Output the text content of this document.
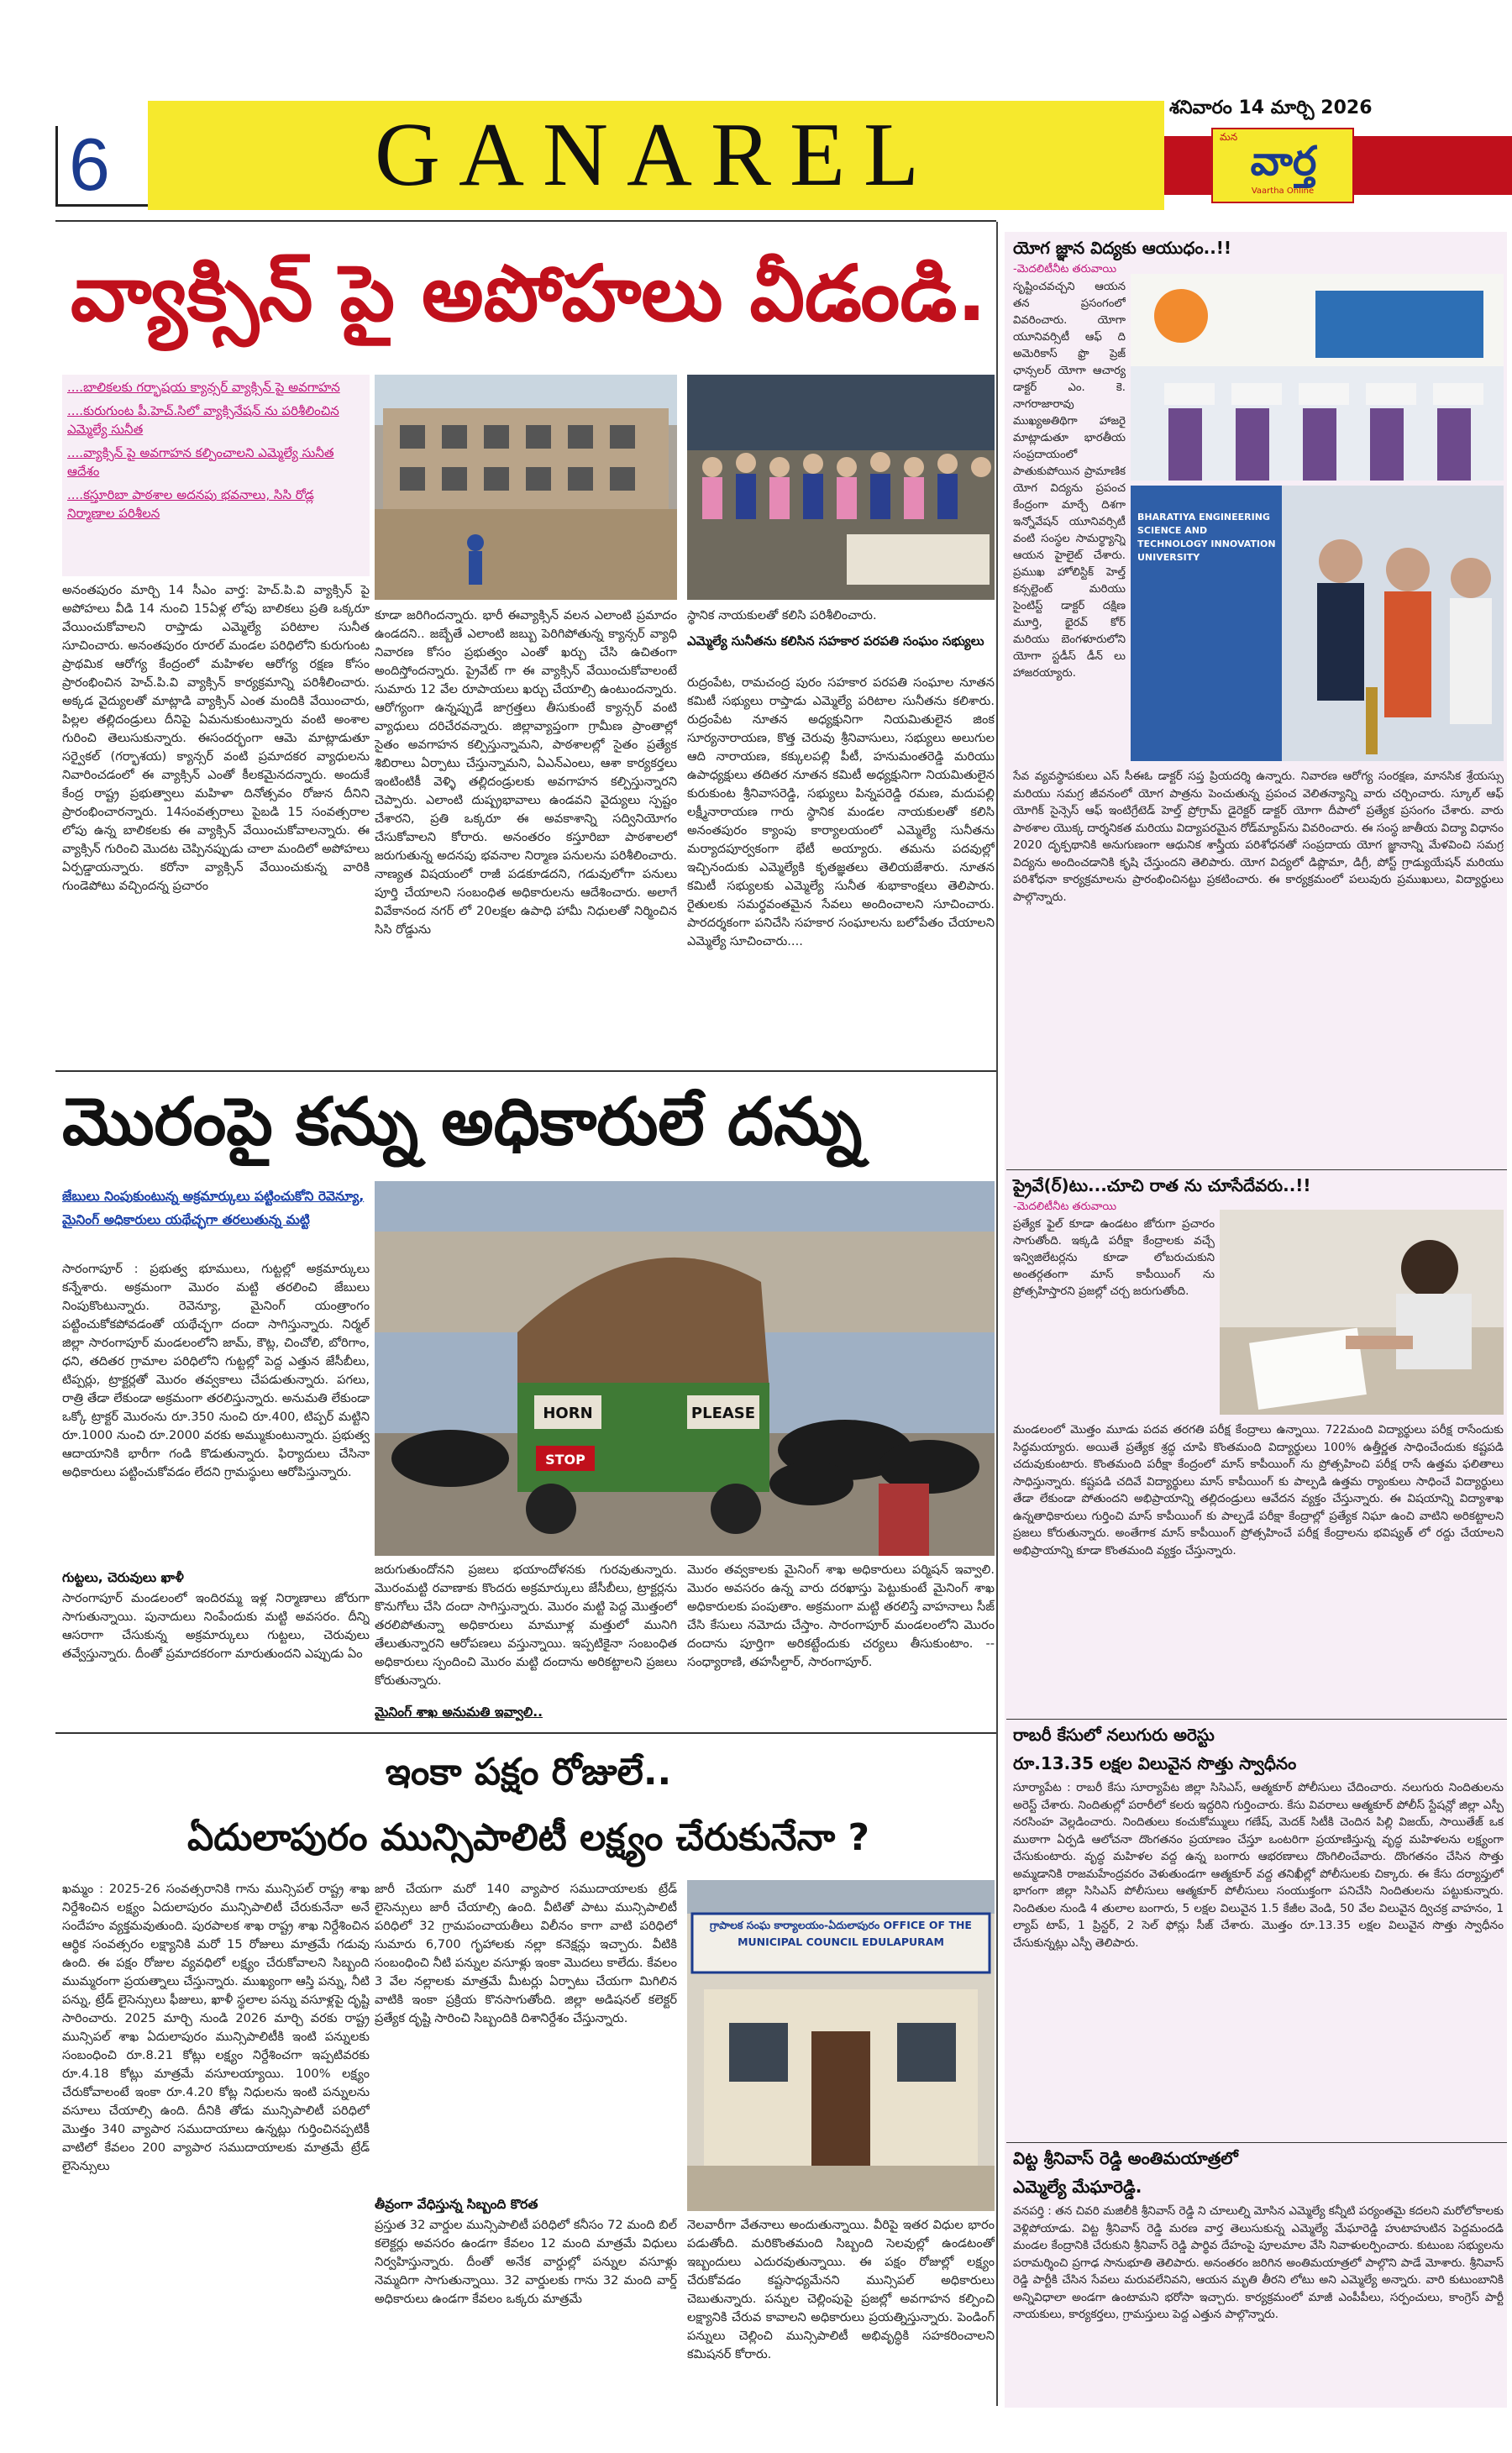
6	GANAREL	శనివారం 14 మార్చి 2026
మన
వార్త
Vaartha Online
వ్యాక్సిన్ పై అపోహలు వీడండి.
....బాలికలకు గర్భాషయ క్యాన్సర్ వ్యాక్సిన్ పై అవగాహన
....కురుగుంట పీ.హెచ్.సిలో వ్యాక్సినేషన్ ను పరిశీలించిన ఎమ్మెల్యే సునీత
....వ్యాక్సిన్ పై అవగాహన కల్పించాలని ఎమ్మెల్యే సునీత ఆదేశం
....కస్తూరిబా పాఠశాల అదనపు భవనాలు, సిసి రోడ్ల నిర్మాణాల పరిశీలన
అనంతపురం మార్చి 14 సీఎం వార్త: హెచ్.పి.వి వ్యాక్సిన్ పై అపోహలు వీడి 14 నుంచి 15ఏళ్ల లోపు బాలికలు ప్రతి ఒక్కరూ వేయించుకోవాలని రాప్తాడు ఎమ్మెల్యే పరిటాల సునీత సూచించారు. అనంతపురం రూరల్ మండల పరిధిలోని కురుగుంట ప్రాథమిక ఆరోగ్య కేంద్రంలో మహిళల ఆరోగ్య రక్షణ కోసం ప్రారంభించిన హెచ్.పి.వి వ్యాక్సిన్ కార్యక్రమాన్ని పరిశీలించారు. అక్కడ వైద్యులతో మాట్లాడి వ్యాక్సిన్ ఎంత మందికి వేయించారు, పిల్లల తల్లిదండ్రులు దీనిపై ఏమనుకుంటున్నారు వంటి అంశాల గురించి తెలుసుకున్నారు. ఈసందర్భంగా ఆమె మాట్లాడుతూ సర్వైకల్ (గర్భాశయ) క్యాన్సర్ వంటి ప్రమాదకర వ్యాధులను నివారించడంలో ఈ వ్యాక్సిన్ ఎంతో కీలకమైనదన్నారు. అందుకే కేంద్ర రాష్ట్ర ప్రభుత్వాలు మహిళా దినోత్సవం రోజున దీనిని ప్రారంభించారన్నారు. 14సంవత్సరాలు పైబడి 15 సంవత్సరాల లోపు ఉన్న బాలికలకు ఈ వ్యాక్సిన్ వేయించుకోవాలన్నారు. ఈ వ్యాక్సిన్ గురించి మొదట చెప్పినప్పుడు చాలా మందిలో అపోహలు ఏర్పడ్డాయన్నారు. కరోనా వ్యాక్సిన్ వేయించుకున్న వారికి గుండెపోటు వచ్చిందన్న ప్రచారం
కూడా జరిగిందన్నారు. భారీ ఈవ్యాక్సిన్ వలన ఎలాంటి ప్రమాదం ఉండదని.. జబ్బేతే ఎలాంటి జబ్బు పెరిగిపోతున్న క్యాన్సర్ వ్యాధి నివారణ కోసం ప్రభుత్వం ఎంతో ఖర్చు చేసి ఉచితంగా అందిస్తోందన్నారు. ప్రైవేట్ గా ఈ వ్యాక్సిన్ వేయించుకోవాలంటే సుమారు 12 వేల రూపాయలు ఖర్చు చేయాల్సి ఉంటుందన్నారు. ఆరోగ్యంగా ఉన్నప్పుడే జాగ్రత్తలు తీసుకుంటే క్యాన్సర్ వంటి వ్యాధులు దరిచేరవన్నారు. జిల్లావ్యాప్తంగా గ్రామీణ ప్రాంతాల్లో సైతం అవగాహన కల్పిస్తున్నామని, పాఠశాలల్లో సైతం ప్రత్యేక శిబిరాలు ఏర్పాటు చేస్తున్నామని, ఏఎన్ఎంలు, ఆశా కార్యకర్తలు ఇంటింటికీ వెళ్ళి తల్లిదండ్రులకు అవగాహన కల్పిస్తున్నారని చెప్పారు. ఎలాంటి దుష్ప్రభావాలు ఉండవని వైద్యులు స్పష్టం చేశారని, ప్రతి ఒక్కరూ ఈ అవకాశాన్ని సద్వినియోగం చేసుకోవాలని కోరారు. అనంతరం కస్తూరిబా పాఠశాలలో జరుగుతున్న అదనపు భవనాల నిర్మాణ పనులను పరిశీలించారు. నాణ్యత విషయంలో రాజీ పడకూడదని, గడువులోగా పనులు పూర్తి చేయాలని సంబంధిత అధికారులను ఆదేశించారు. అలాగే వివేకానంద నగర్ లో 20లక్షల ఉపాధి హామీ నిధులతో నిర్మించిన సిసి రోడ్డును
స్థానిక నాయకులతో కలిసి పరిశీలించారు.
ఎమ్మెల్యే సునీతను కలిసిన సహకార పరపతి సంఘం సభ్యులు
రుద్రంపేట, రామచంద్ర పురం సహకార పరపతి సంఘాల నూతన కమిటీ సభ్యులు రాప్తాడు ఎమ్మెల్యే పరిటాల సునీతను కలిశారు. రుద్రంపేట నూతన అధ్యక్షునిగా నియమితులైన జింక సూర్యనారాయణ, కొత్త చెరువు శ్రీనివాసులు, సభ్యులు అలుగుల ఆది నారాయణ, కక్కులపల్లి పీటీ, హనుమంతరెడ్డి మరియు ఉపాధ్యక్షులు తదితర నూతన కమిటీ అధ్యక్షునిగా నియమితులైన కురుకుంట శ్రీనివాసరెడ్డి, సభ్యులు పిన్నపరెడ్డి రమణ, మదుపల్లి లక్ష్మీనారాయణ గారు స్థానిక మండల నాయకులతో కలిసి అనంతపురం క్యాంపు కార్యాలయంలో ఎమ్మెల్యే సునీతను మర్యాదపూర్వకంగా భేటీ అయ్యారు. తమను పదవుల్లో ఇచ్చినందుకు ఎమ్మెల్యేకి కృతజ్ఞతలు తెలియజేశారు. నూతన కమిటీ సభ్యులకు ఎమ్మెల్యే సునీత శుభాకాంక్షలు తెలిపారు. రైతులకు సమర్థవంతమైన సేవలు అందించాలని సూచించారు. పారదర్శకంగా పనిచేసి సహకార సంఘాలను బలోపేతం చేయాలని ఎమ్మెల్యే సూచించారు....
మొరంపై కన్ను అధికారులే దన్ను
జేబులు నింపుకుంటున్న అక్రమార్కులు పట్టించుకోని రెవెన్యూ, మైనింగ్ అధికారులు యథేచ్ఛగా తరలుతున్న మట్టి
సారంగాపూర్ : ప్రభుత్వ భూములు, గుట్టల్లో అక్రమార్కులు కన్నేశారు. అక్రమంగా మొరం మట్టి తరలించి జేబులు నింపుకొంటున్నారు. రెవెన్యూ, మైనింగ్ యంత్రాంగం పట్టించుకోకపోవడంతో యథేచ్ఛగా దందా సాగిస్తున్నారు. నిర్మల్ జిల్లా సారంగాపూర్ మండలంలోని జామ్, కౌట్ల, చించోలి, బోరిగాం, ధని, తదితర గ్రామాల పరిధిలోని గుట్టల్లో పెద్ద ఎత్తున జేసీబీలు, టిప్పర్లు, ట్రాక్టర్లతో మొరం తవ్వకాలు చేపడుతున్నారు. పగలు, రాత్రి తేడా లేకుండా అక్రమంగా తరలిస్తున్నారు. అనుమతి లేకుండా ఒక్కో ట్రాక్టర్ మొరంను రూ.350 నుంచి రూ.400, టిప్పర్ మట్టిని రూ.1000 నుంచి రూ.2000 వరకు అమ్ముకుంటున్నారు. ప్రభుత్వ ఆదాయానికి భారీగా గండి కొడుతున్నారు. ఫిర్యాదులు చేసినా అధికారులు పట్టించుకోవడం లేదని గ్రామస్థులు ఆరోపిస్తున్నారు.
గుట్టలు, చెరువులు ఖాళీ
సారంగాపూర్ మండలంలో ఇందిరమ్మ ఇళ్ల నిర్మాణాలు జోరుగా సాగుతున్నాయి. పునాదులు నింపేందుకు మట్టి అవసరం. దీన్ని ఆసరాగా చేసుకున్న అక్రమార్కులు గుట్టలు, చెరువులు తవ్వేస్తున్నారు. దీంతో ప్రమాదకరంగా మారుతుందని ఎప్పుడు ఏం
HORN	PLEASE
STOP
జరుగుతుందోనని ప్రజలు భయాందోళనకు గురవుతున్నారు. మొరంమట్టి రవాణాకు కొందరు అక్రమార్కులు జేసీబీలు, ట్రాక్టర్లను కొనుగోలు చేసి దందా సాగిస్తున్నారు. మొరం మట్టి పెద్ద మొత్తంలో తరలిపోతున్నా అధికారులు మామూళ్ల మత్తులో మునిగి తేలుతున్నారని ఆరోపణలు వస్తున్నాయి. ఇప్పటికైనా సంబంధిత అధికారులు స్పందించి మొరం మట్టి దందాను అరికట్టాలని ప్రజలు కోరుతున్నారు.
మైనింగ్ శాఖ అనుమతి ఇవ్వాలి..
మొరం తవ్వకాలకు మైనింగ్ శాఖ అధికారులు పర్మిషన్ ఇవ్వాలి. మొరం అవసరం ఉన్న వారు దరఖాస్తు పెట్టుకుంటే మైనింగ్ శాఖ అధికారులకు పంపుతాం. అక్రమంగా మట్టి తరలిస్తే వాహనాలు సీజ్ చేసి కేసులు నమోదు చేస్తాం. సారంగాపూర్ మండలంలోని మొరం దందాను పూర్తిగా అరికట్టేందుకు చర్యలు తీసుకుంటాం. -- సంధ్యారాణి, తహసీల్దార్, సారంగాపూర్.
ఇంకా పక్షం రోజులే..
ఏదులాపురం మున్సిపాలిటీ లక్ష్యం చేరుకునేనా ?
ఖమ్మం : 2025-26 సంవత్సరానికి గాను మున్సిపల్ రాష్ట్ర శాఖ నిర్దేశించిన లక్ష్యం ఏదులాపురం మున్సిపాలిటీ చేరుకునేనా అనే సందేహం వ్యక్తమవుతుంది. పురపాలక శాఖ రాష్ట్ర శాఖ నిర్దేశించిన ఆర్థిక సంవత్సరం లక్ష్యానికి మరో 15 రోజులు మాత్రమే గడువు ఉంది. ఈ పక్షం రోజుల వ్యవధిలో లక్ష్యం చేరుకోవాలని సిబ్బంది ముమ్మరంగా ప్రయత్నాలు చేస్తున్నారు. ముఖ్యంగా ఆస్తి పన్ను, నీటి పన్ను, ట్రేడ్ లైసెన్సులు ఫీజులు, ఖాళీ స్థలాల పన్ను వసూళ్లపై దృష్టి సారించారు. 2025 మార్చి నుండి 2026 మార్చి వరకు రాష్ట్ర మున్సిపల్ శాఖ ఏదులాపురం మున్సిపాలిటీకి ఇంటి పన్నులకు సంబంధించి రూ.8.21 కోట్లు లక్ష్యం నిర్దేశించగా ఇప్పటివరకు రూ.4.18 కోట్లు మాత్రమే వసూలయ్యాయి. 100% లక్ష్యం చేరుకోవాలంటే ఇంకా రూ.4.20 కోట్ల నిధులను ఇంటి పన్నులను వసూలు చేయాల్సి ఉంది. దీనికి తోడు మున్సిపాలిటీ పరిధిలో మొత్తం 340 వ్యాపార సముదాయాలు ఉన్నట్లు గుర్తించినప్పటికీ వాటిలో కేవలం 200 వ్యాపార సముదాయాలకు మాత్రమే ట్రేడ్ లైసెన్సులు
జారీ చేయగా మరో 140 వ్యాపార సముదాయాలకు ట్రేడ్ లైసెన్సులు జారీ చేయాల్సి ఉంది. వీటితో పాటు మున్సిపాలిటీ పరిధిలో 32 గ్రామపంచాయతీలు విలీనం కాగా వాటి పరిధిలో సుమారు 6,700 గృహాలకు నల్లా కనెక్షన్లు ఇచ్చారు. వీటికి సంబంధించి నీటి పన్నుల వసూళ్లు ఇంకా మొదలు కాలేదు. కేవలం 3 వేల నల్లాలకు మాత్రమే మీటర్లు ఏర్పాటు చేయగా మిగిలిన వాటికి ఇంకా ప్రక్రియ కొనసాగుతోంది. జిల్లా అడిషనల్ కలెక్టర్ ప్రత్యేక దృష్టి సారించి సిబ్బందికి దిశానిర్దేశం చేస్తున్నారు.
తీవ్రంగా వేధిస్తున్న సిబ్బంది కొరత
ప్రస్తుత 32 వార్డుల మున్సిపాలిటీ పరిధిలో కనీసం 72 మంది బిల్ కలెక్టర్లు అవసరం ఉండగా కేవలం 12 మంది మాత్రమే విధులు నిర్వహిస్తున్నారు. దీంతో అనేక వార్డుల్లో పన్నుల వసూళ్లు నెమ్మదిగా సాగుతున్నాయి. 32 వార్డులకు గాను 32 మంది వార్డ్ అధికారులు ఉండగా కేవలం ఒక్కరు మాత్రమే
గ్రాపాలక సంఘ కార్యాలయం-ఏదులాపురం OFFICE OF THE MUNICIPAL COUNCIL EDULAPURAM
నెలవారీగా వేతనాలు అందుతున్నాయి. వీరిపై ఇతర విధుల భారం పడుతోంది. మరికొంతమంది సిబ్బంది సెలవుల్లో ఉండటంతో ఇబ్బందులు ఎదురవుతున్నాయి. ఈ పక్షం రోజుల్లో లక్ష్యం చేరుకోవడం కష్టసాధ్యమేనని మున్సిపల్ అధికారులు చెబుతున్నారు. పన్నుల చెల్లింపుపై ప్రజల్లో అవగాహన కల్పించి లక్ష్యానికి చేరువ కావాలని అధికారులు ప్రయత్నిస్తున్నారు. పెండింగ్ పన్నులు చెల్లించి మున్సిపాలిటీ అభివృద్ధికి సహకరించాలని కమిషనర్ కోరారు.
యోగ జ్ఞాన విద్యకు ఆయుధం..!!
-మెదలిటీనీట తరువాయి
సృష్టించవచ్చని ఆయన తన ప్రసంగంలో వివరించారు. యోగా యూనివర్సిటీ ఆఫ్ ది అమెరికాస్ ఫ్రొ ప్రెజ్ ఛాన్సలర్ యోగా ఆచార్య డాక్టర్ ఎం. కె. నాగరాజారావు ముఖ్యఅతిథిగా హాజరై మాట్లాడుతూ భారతీయ సంప్రదాయంలో పాతుకుపోయిన ప్రామాణిక యోగ విద్యను ప్రపంచ కేంద్రంగా మార్చే దిశగా ఇన్నోవేషన్ యూనివర్సిటీ వంటి సంస్థల సామర్థ్యాన్ని ఆయన హైలైట్ చేశారు. ప్రముఖ హోలిస్టిక్ హెల్త్ కన్సల్టెంట్ మరియు సైంటిస్ట్ డాక్టర్ దక్షిణ మూర్తి, భైరవ్ కోర్ మరియు బెంగళూరులోని యోగా స్టడీస్ డీన్ లు హాజరయ్యారు.
BHARATIYA ENGINEERING SCIENCE AND TECHNOLOGY INNOVATION UNIVERSITY
సేవ వ్యవస్థాపకులు ఎస్ సీఈఓ డాక్టర్ సప్త ప్రియదర్శి ఉన్నారు. నివారణ ఆరోగ్య సంరక్షణ, మానసిక శ్రేయస్సు మరియు సమగ్ర జీవనంలో యోగ పాత్రను పెంచుతున్న ప్రపంచ వెలితన్యాన్ని వారు చర్చించారు. స్కూల్ ఆఫ్ యోగిక్ సైన్సెస్ ఆఫ్ ఇంటిగ్రేటెడ్ హెల్త్ ప్రోగ్రామ్ డైరెక్టర్ డాక్టర్ యోగా దీపాలో ప్రత్యేక ప్రసంగం చేశారు. వారు పాఠశాల యొక్క దార్శనికత మరియు విద్యాపరమైన రోడ్‌మ్యాప్‌ను వివరించారు. ఈ సంస్థ జాతీయ విద్యా విధానం 2020 దృక్పథానికి అనుగుణంగా ఆధునిక శాస్త్రీయ పరిశోధనతో సంప్రదాయ యోగ జ్ఞానాన్ని మేళవించి సమగ్ర విద్యను అందించడానికి కృషి చేస్తుందని తెలిపారు. యోగ విద్యలో డిప్లొమా, డిగ్రీ, పోస్ట్ గ్రాడ్యుయేషన్ మరియు పరిశోధనా కార్యక్రమాలను ప్రారంభించినట్టు ప్రకటించారు. ఈ కార్యక్రమంలో పలువురు ప్రముఖులు, విద్యార్థులు పాల్గొన్నారు.
ప్రైవే(ర్)టు...చూచి రాత ను చూసేదేవరు..!!
-మెదలిటీనీట తరువాయి
ప్రత్యేక ఫైల్ కూడా ఉండటం జోరుగా ప్రచారం సాగుతోంది. ఇక్కడి పరీక్షా కేంద్రాలకు వచ్చే ఇన్విజిలేటర్లను కూడా లోబరుచుకుని అంతర్గతంగా మాస్ కాపీయింగ్ ను ప్రోత్సహిస్తారని ప్రజల్లో చర్చ జరుగుతోంది.
మండలంలో మొత్తం మూడు పదవ తరగతి పరీక్ష కేంద్రాలు ఉన్నాయి. 722మంది విద్యార్థులు పరీక్ష రాసేందుకు సిద్ధమయ్యారు. అయితే ప్రత్యేక శ్రద్ధ చూపి కొంతమంది విద్యార్థులు 100% ఉత్తీర్ణత సాధించేందుకు కష్టపడి చదువుకుంటారు. కొంతమంది పరీక్షా కేంద్రంలో మాస్ కాపీయింగ్ ను ప్రోత్సహించి పరీక్ష రాసే ఉత్తమ ఫలితాలు సాధిస్తున్నారు. కష్టపడి చదివే విద్యార్థులు మాస్ కాపీయింగ్ కు పాల్పడి ఉత్తమ ర్యాంకులు సాధించే విద్యార్థులు తేడా లేకుండా పోతుందని అభిప్రాయాన్ని తల్లిదండ్రులు ఆవేదన వ్యక్తం చేస్తున్నారు. ఈ విషయాన్ని విద్యాశాఖ ఉన్నతాధికారులు గుర్తించి మాస్ కాపీయింగ్ కు పాల్పడే పరీక్షా కేంద్రాల్లో ప్రత్యేక నిఘా ఉంచి వాటిని అరికట్టాలని ప్రజలు కోరుతున్నారు. అంతేగాక మాస్ కాపీయింగ్ ప్రోత్సహించే పరీక్ష కేంద్రాలను భవిష్యత్ లో రద్దు చేయాలని అభిప్రాయాన్ని కూడా కొంతమంది వ్యక్తం చేస్తున్నారు.
రాబరీ కేసులో నలుగురు అరెస్టు
రూ.13.35 లక్షల విలువైన సొత్తు స్వాధీనం
సూర్యాపేట : రాబరీ కేసు సూర్యాపేట జిల్లా సిసిఎస్, ఆత్మకూర్ పోలీసులు చేదించారు. నలుగురు నిందితులను అరెస్ట్ చేశారు. నిందితుల్లో పరారీలో కలరు ఇద్దరిని గుర్తించారు. కేసు వివరాలు ఆత్మకూర్ పోలీస్ స్టేషన్లో జిల్లా ఎస్పీ నరసింహ వెల్లడించారు. నిందితులు కంచుకోమ్ములు గణేష్, మెదక్ సిటీకి చెందిన పిల్లి విజయ్, సాయితేజ్ ఒక ముఠాగా ఏర్పడి ఆలోచనా దొంగతనం ప్రయాణం చేస్తూ ఒంటరిగా ప్రయాణిస్తున్న వృద్ధ మహిళలను లక్ష్యంగా చేసుకుంటారు. వృద్ధ మహిళల వద్ద ఉన్న బంగారు ఆభరణాలు దొంగిలించేవారు. దొంగతనం చేసిన సొత్తు అమ్మడానికి రాజమహేంద్రవరం వెళుతుండగా ఆత్మకూర్ వద్ద తనిఖీల్లో పోలీసులకు చిక్కారు. ఈ కేసు దర్యాప్తులో భాగంగా జిల్లా సిసిఎస్ పోలీసులు ఆత్మకూర్ పోలీసులు సంయుక్తంగా పనిచేసి నిందితులను పట్టుకున్నారు. నిందితుల నుండి 4 తులాల బంగారు, 5 లక్షల విలువైన 1.5 కేజీల వెండి, 50 వేల విలువైన ద్విచక్ర వాహనం, 1 ల్యాప్ టాప్, 1 ప్రిన్టర్, 2 సెల్ ఫోన్లు సీజ్ చేశారు. మొత్తం రూ.13.35 లక్షల విలువైన సొత్తు స్వాధీనం చేసుకున్నట్లు ఎస్పీ తెలిపారు.
విట్ట శ్రీనివాస్ రెడ్డి అంతిమయాత్రలో
ఎమ్మెల్యే మేఘారెడ్డి.
వనపర్తి : తన చివరి మజిలీకి శ్రీనివాస్ రెడ్డి ని చూలుల్ని మోసిన ఎమ్మెల్యే కన్నీటి పర్యంతమై కదలని మరోలోకాలకు వెళ్లిపోయాడు. విట్ట శ్రీనివాస్ రెడ్డి మరణ వార్త తెలుసుకున్న ఎమ్మెల్యే మేఘారెడ్డి హుటాహుటిన పెద్దమందడి మండల కేంద్రానికి చేరుకుని శ్రీనివాస్ రెడ్డి పార్థివ దేహంపై పూలమాల వేసి నివాళులర్పించారు. కుటుంబ సభ్యులను పరామర్శించి ప్రగాఢ సానుభూతి తెలిపారు. అనంతరం జరిగిన అంతిమయాత్రలో పాల్గొని పాడే మోశారు. శ్రీనివాస్ రెడ్డి పార్టీకి చేసిన సేవలు మరువలేనివని, ఆయన మృతి తీరని లోటు అని ఎమ్మెల్యే అన్నారు. వారి కుటుంబానికి అన్నివిధాలా అండగా ఉంటామని భరోసా ఇచ్చారు. కార్యక్రమంలో మాజీ ఎంపీపీలు, సర్పంచులు, కాంగ్రెస్ పార్టీ నాయకులు, కార్యకర్తలు, గ్రామస్తులు పెద్ద ఎత్తున పాల్గొన్నారు.
